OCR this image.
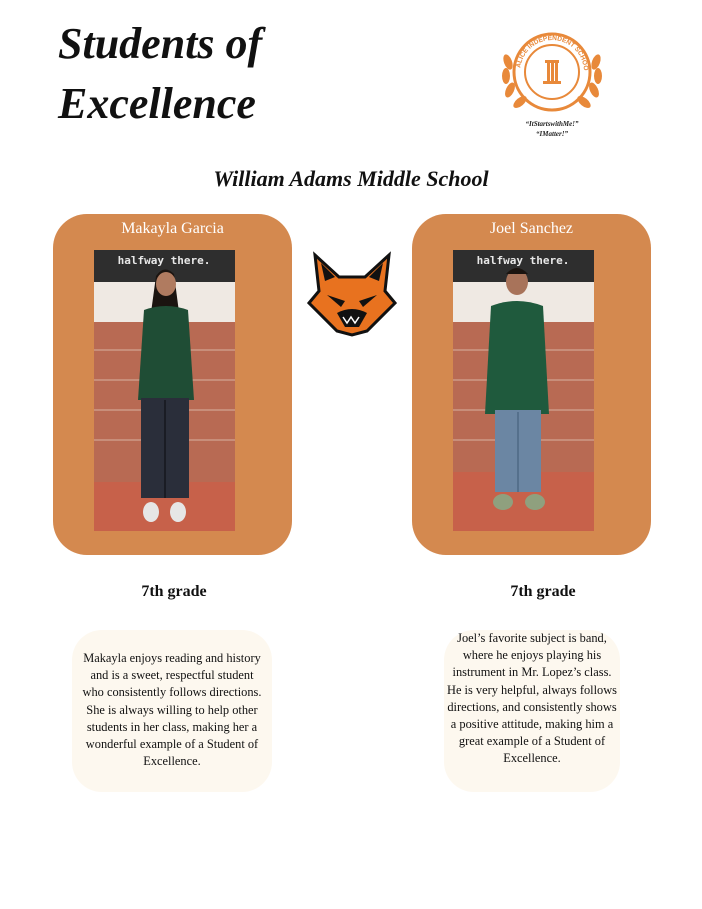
Students of
Excellence
ALICE INDEPENDENT SCHOO
“ItStartswithMe!”
“IMatter!”
William Adams Middle School
Makayla Garcia
halfway there.
Joel Sanchez
halfway there.
7th grade	7th grade
Makayla enjoys reading and history and is a sweet, respectful student who consistently follows directions. She is always willing to help other students in her class, making her a wonderful example of a Student of Excellence.
Joel’s favorite subject is band, where he enjoys playing his instrument in Mr. Lopez’s class. He is very helpful, always follows directions, and consistently shows a positive attitude, making him a great example of a Student of Excellence.
